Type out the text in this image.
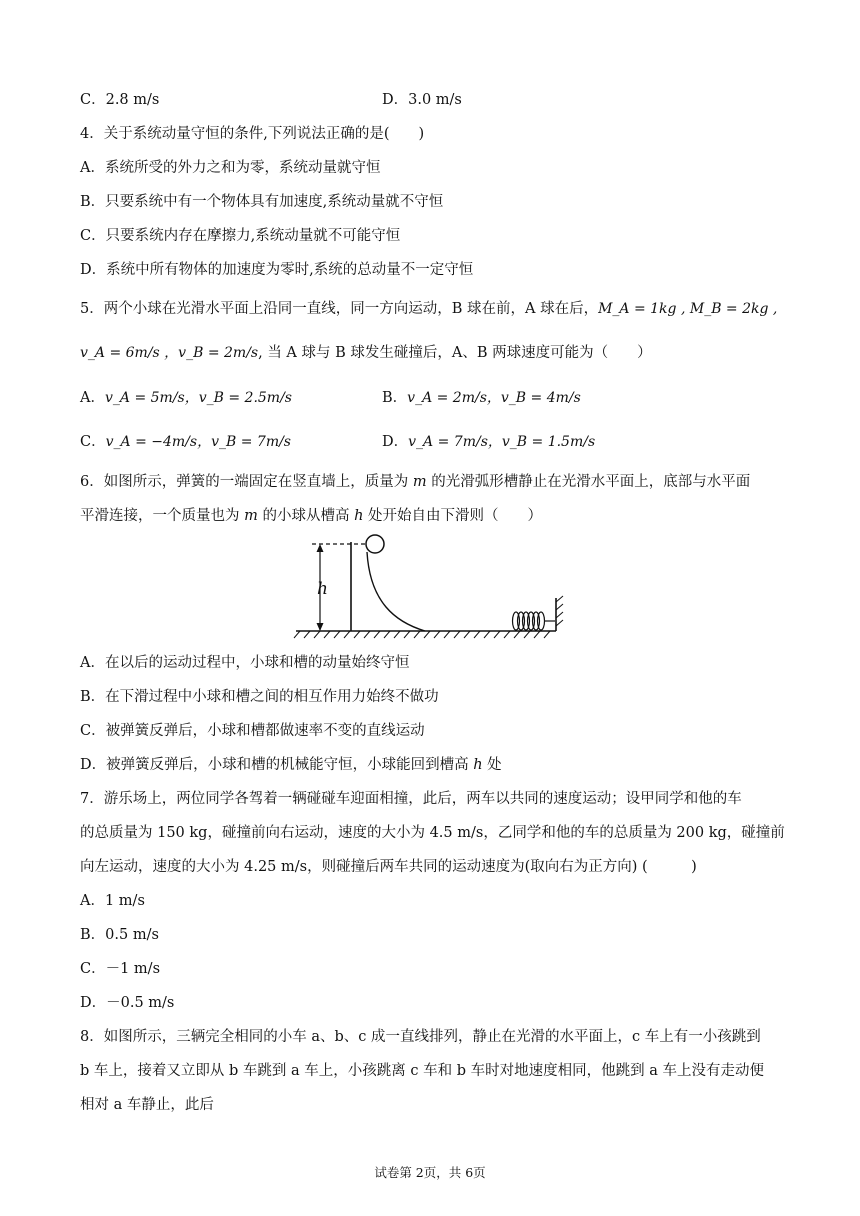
C．2.8 m/s	D．3.0 m/s
4．关于系统动量守恒的条件,下列说法正确的是(　　)
A．系统所受的外力之和为零，系统动量就守恒
B．只要系统中有一个物体具有加速度,系统动量就不守恒
C．只要系统内存在摩擦力,系统动量就不可能守恒
D．系统中所有物体的加速度为零时,系统的总动量不一定守恒
5．两个小球在光滑水平面上沿同一直线，同一方向运动，B 球在前，A 球在后，M_A = 1kg , M_B = 2kg ,
v_A = 6m/s ，v_B = 2m/s, 当 A 球与 B 球发生碰撞后，A、B 两球速度可能为（　　）
A．v_A = 5m/s，v_B = 2.5m/s	B．v_A = 2m/s，v_B = 4m/s
C．v_A = −4m/s，v_B = 7m/s	D．v_A = 7m/s，v_B = 1.5m/s
6．如图所示，弹簧的一端固定在竖直墙上，质量为 m 的光滑弧形槽静止在光滑水平面上，底部与水平面
平滑连接，一个质量也为 m 的小球从槽高 h 处开始自由下滑则（　　）
h
A．在以后的运动过程中，小球和槽的动量始终守恒
B．在下滑过程中小球和槽之间的相互作用力始终不做功
C．被弹簧反弹后，小球和槽都做速率不变的直线运动
D．被弹簧反弹后，小球和槽的机械能守恒，小球能回到槽高 h 处
7．游乐场上，两位同学各驾着一辆碰碰车迎面相撞，此后，两车以共同的速度运动；设甲同学和他的车
的总质量为 150 kg，碰撞前向右运动，速度的大小为 4.5 m/s，乙同学和他的车的总质量为 200 kg，碰撞前
向左运动，速度的大小为 4.25 m/s，则碰撞后两车共同的运动速度为(取向右为正方向) (　　　)
A．1 m/s
B．0.5 m/s
C．－1 m/s
D．－0.5 m/s
8．如图所示，三辆完全相同的小车 a、b、c 成一直线排列，静止在光滑的水平面上，c 车上有一小孩跳到
b 车上，接着又立即从 b 车跳到 a 车上，小孩跳离 c 车和 b 车时对地速度相同，他跳到 a 车上没有走动便
相对 a 车静止，此后
试卷第 2页，共 6页
